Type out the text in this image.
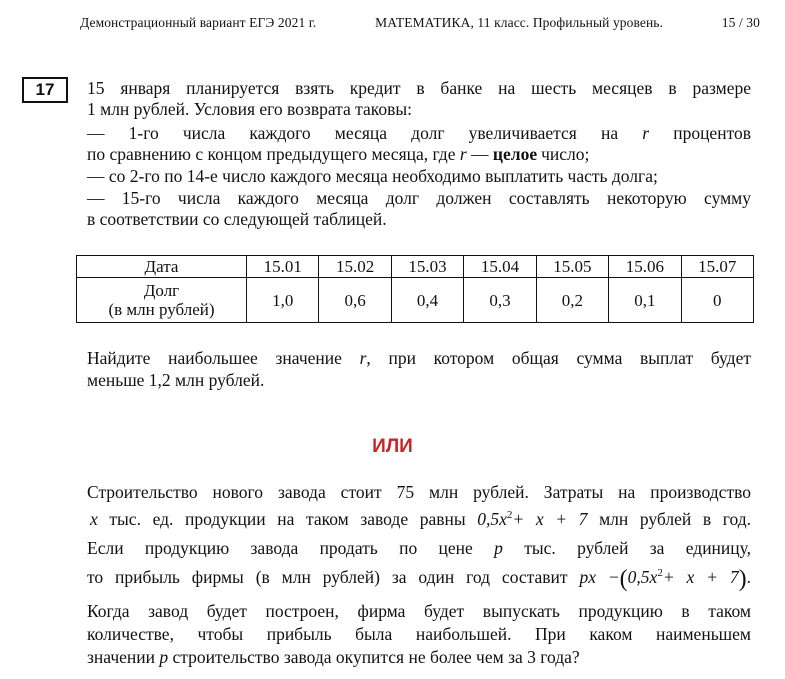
Демонстрационный вариант ЕГЭ 2021 г.	МАТЕМАТИКА, 11 класс. Профильный уровень.	15 / 30
17	15 января планируется взять кредит в банке на шесть месяцев в размере
1 млн рублей. Условия его возврата таковы:
— 1-го числа каждого месяца долг увеличивается на r процентов
по сравнению с концом предыдущего месяца, где r — целое число;
— со 2-го по 14-е число каждого месяца необходимо выплатить часть долга;
— 15-го числа каждого месяца долг должен составлять некоторую сумму
в соответствии со следующей таблицей.
Дата	15.01	15.02	15.03	15.04	15.05	15.06	15.07
Долг
(в млн рублей)	1,0	0,6	0,4	0,3	0,2	0,1	0
Найдите наибольшее значение r, при котором общая сумма выплат будет
меньше 1,2 млн рублей.
ИЛИ
Строительство нового завода стоит 75 млн рублей. Затраты на производство
x тыс. ед. продукции на таком заводе равны $0,5x^2+ x + 7$ млн рублей в год.
Если продукцию завода продать по цене p тыс. рублей за единицу,
то прибыль фирмы (в млн рублей) за один год составит px $-(0,5x^2+ x + 7)$.
Когда завод будет построен, фирма будет выпускать продукцию в таком
количестве, чтобы прибыль была наибольшей. При каком наименьшем
значении p строительство завода окупится не более чем за 3 года?
